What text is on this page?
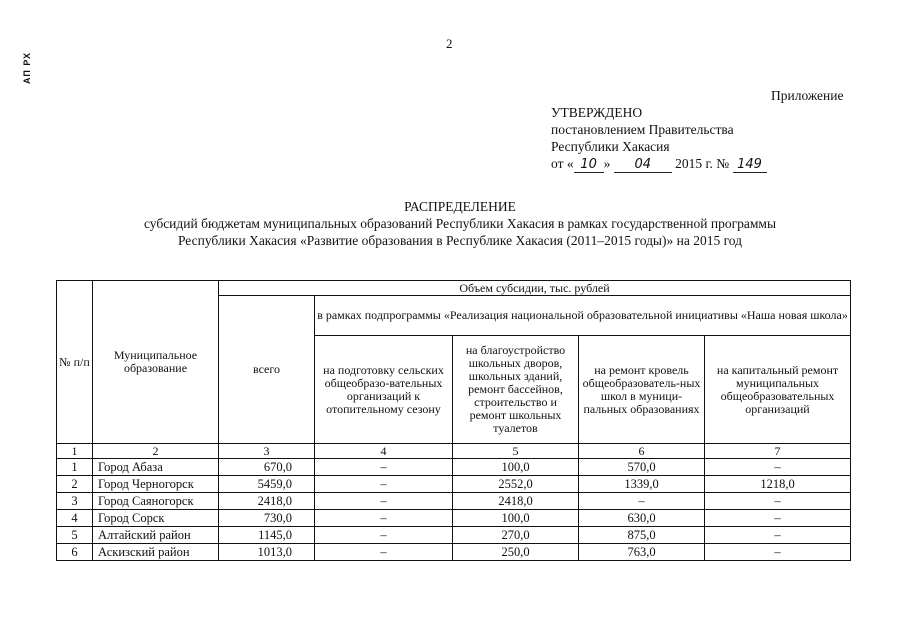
2
АП РХ
Приложение
УТВЕРЖДЕНО
постановлением Правительства
Республики Хакасия
от « 10 » 04 2015 г. № 149
РАСПРЕДЕЛЕНИЕ
субсидий бюджетам муниципальных образований Республики Хакасия в рамках государственной программы
Республики Хакасия «Развитие образования в Республике Хакасия (2011–2015 годы)» на 2015 год
№ п/п	Муниципальное образование	Объем субсидии, тыс. рублей				
		всего	в рамках подпрограммы «Реализация национальной образовательной инициативы «Наша новая школа»			
			на подготовку сельских общеобразо-вательных организаций к отопительному сезону	на благоустройство школьных дворов, школьных зданий, ремонт бассейнов, строительство и ремонт школьных туалетов	на ремонт кровель общеобразователь-ных школ в муници-пальных образованиях	на капитальный ремонт муниципальных общеобразовательных организаций
1	2	3	4	5	6	7
1	Город Абаза	670,0	–	100,0	570,0	–
2	Город Черногорск	5459,0	–	2552,0	1339,0	1218,0
3	Город Саяногорск	2418,0	–	2418,0	–	–
4	Город Сорск	730,0	–	100,0	630,0	–
5	Алтайский район	1145,0	–	270,0	875,0	–
6	Аскизский район	1013,0	–	250,0	763,0	–
